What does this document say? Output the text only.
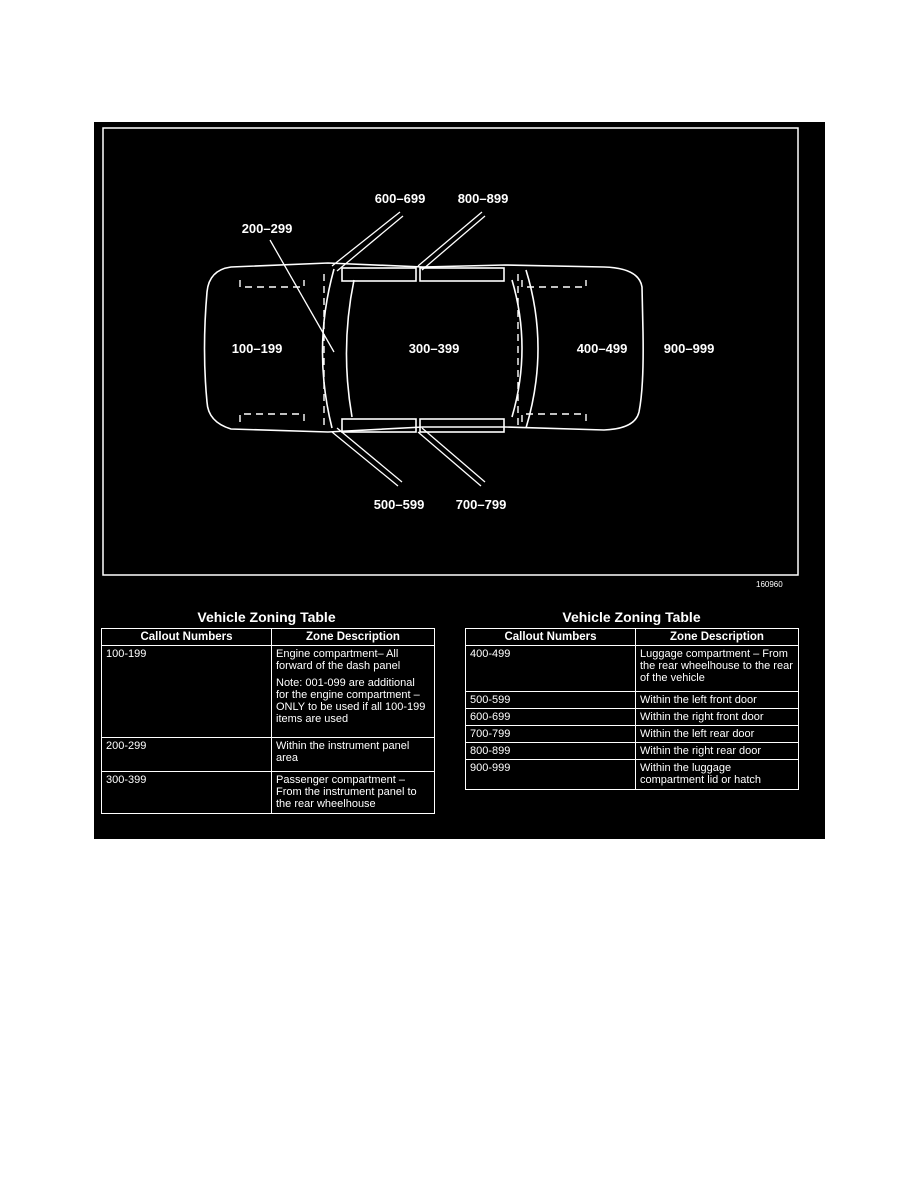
100–199
200–299
300–399	400–499
500–599
600–699
700–799
800–899
900–999
160960
Vehicle Zoning Table
Callout Numbers	Zone Description
100-199	Engine compartment– All forward of the dash panel

Note: 001-099 are additional for the engine compartment – ONLY to be used if all 100-199 items are used

200-299	Within the instrument panel area
300-399	Passenger compartment – From the instrument panel to the rear wheelhouse
Vehicle Zoning Table
Callout Numbers	Zone Description
400-499	Luggage compartment – From the rear wheelhouse to the rear of the vehicle
500-599	Within the left front door
600-699	Within the right front door
700-799	Within the left rear door
800-899	Within the right rear door
900-999	Within the luggage compartment lid or hatch
